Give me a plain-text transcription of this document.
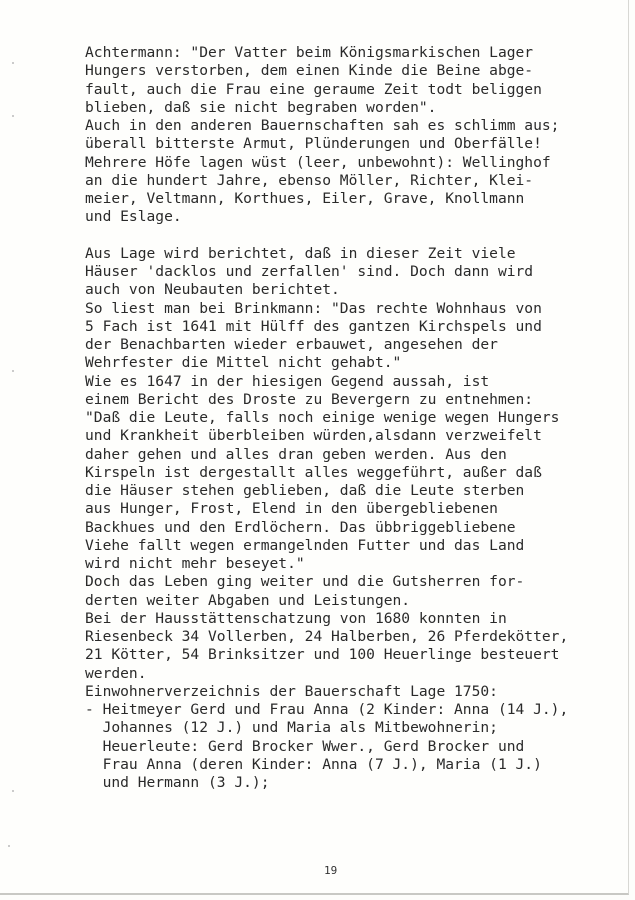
Achtermann: "Der Vatter beim Königsmarkischen Lager
Hungers verstorben, dem einen Kinde die Beine abge-
fault, auch die Frau eine geraume Zeit todt beliggen
blieben, daß sie nicht begraben worden".
Auch in den anderen Bauernschaften sah es schlimm aus;
überall bitterste Armut, Plünderungen und Oberfälle!
Mehrere Höfe lagen wüst (leer, unbewohnt): Wellinghof
an die hundert Jahre, ebenso Möller, Richter, Klei-
meier, Veltmann, Korthues, Eiler, Grave, Knollmann
und Eslage.
Aus Lage wird berichtet, daß in dieser Zeit viele
Häuser 'dacklos und zerfallen' sind. Doch dann wird
auch von Neubauten berichtet.
So liest man bei Brinkmann: "Das rechte Wohnhaus von
5 Fach ist 1641 mit Hülff des gantzen Kirchspels und
der Benachbarten wieder erbauwet, angesehen der
Wehrfester die Mittel nicht gehabt."
Wie es 1647 in der hiesigen Gegend aussah, ist
einem Bericht des Droste zu Bevergern zu entnehmen:
"Daß die Leute, falls noch einige wenige wegen Hungers
und Krankheit überbleiben würden,alsdann verzweifelt
daher gehen und alles dran geben werden. Aus den
Kirspeln ist dergestallt alles weggeführt, außer daß
die Häuser stehen geblieben, daß die Leute sterben
aus Hunger, Frost, Elend in den übergebliebenen
Backhues und den Erdlöchern. Das übbriggebliebene
Viehe fallt wegen ermangelnden Futter und das Land
wird nicht mehr beseyet."
Doch das Leben ging weiter und die Gutsherren for-
derten weiter Abgaben und Leistungen.
Bei der Hausstättenschatzung von 1680 konnten in
Riesenbeck 34 Vollerben, 24 Halberben, 26 Pferdekötter,
21 Kötter, 54 Brinksitzer und 100 Heuerlinge besteuert
werden.
Einwohnerverzeichnis der Bauerschaft Lage 1750:
- Heitmeyer Gerd und Frau Anna (2 Kinder: Anna (14 J.),
Johannes (12 J.) und Maria als Mitbewohnerin;
Heuerleute: Gerd Brocker Wwer., Gerd Brocker und
Frau Anna (deren Kinder: Anna (7 J.), Maria (1 J.)
und Hermann (3 J.);
19
